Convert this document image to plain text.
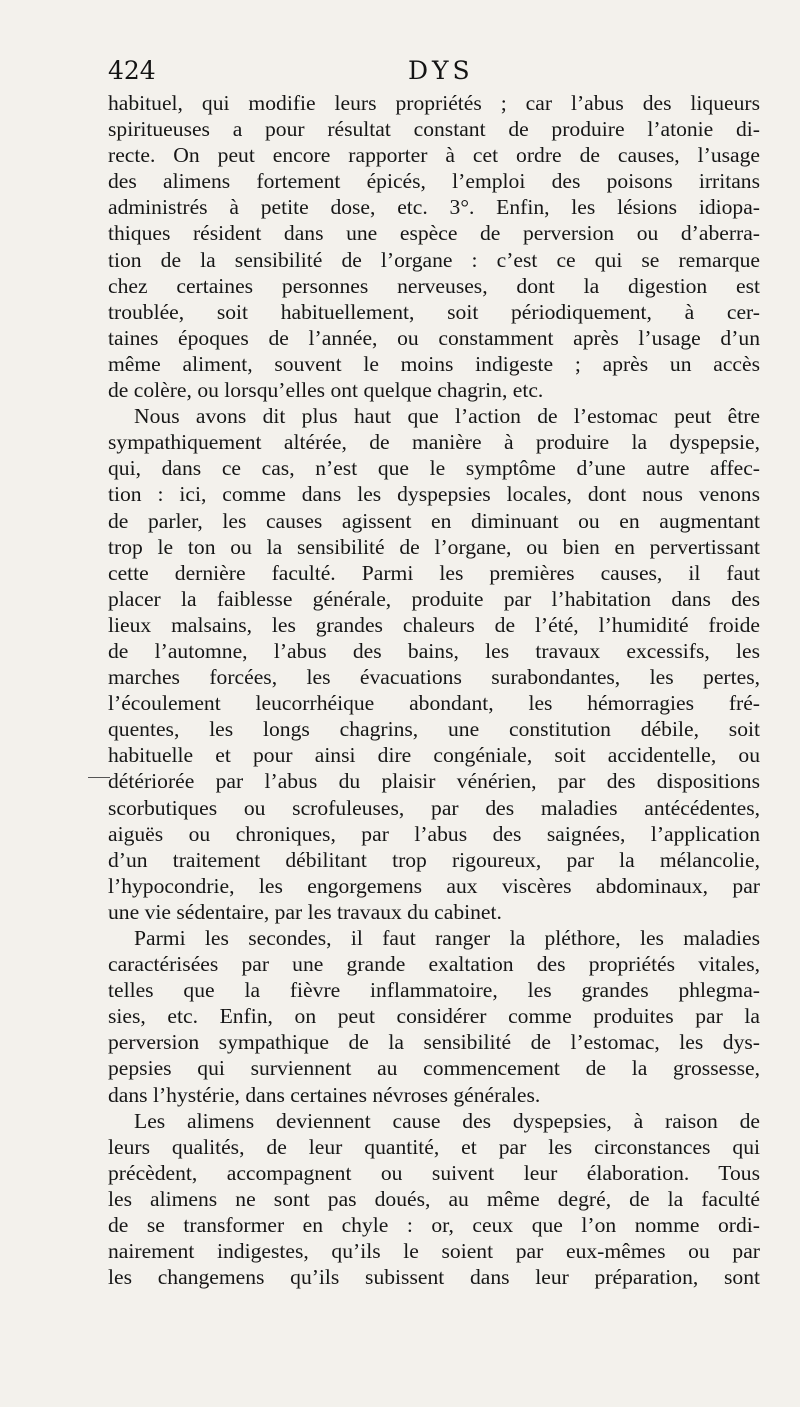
424	DYS
habituel, qui modifie leurs propriétés ; car l’abus des liqueurs
spiritueuses a pour résultat constant de produire l’atonie di-
recte. On peut encore rapporter à cet ordre de causes, l’usage
des alimens fortement épicés, l’emploi des poisons irritans
administrés à petite dose, etc. 3°. Enfin, les lésions idiopa-
thiques résident dans une espèce de perversion ou d’aberra-
tion de la sensibilité de l’organe : c’est ce qui se remarque
chez certaines personnes nerveuses, dont la digestion est
troublée, soit habituellement, soit périodiquement, à cer-
taines époques de l’année, ou constamment après l’usage d’un
même aliment, souvent le moins indigeste ; après un accès
de colère, ou lorsqu’elles ont quelque chagrin, etc.
Nous avons dit plus haut que l’action de l’estomac peut être
sympathiquement altérée, de manière à produire la dyspepsie,
qui, dans ce cas, n’est que le symptôme d’une autre affec-
tion : ici, comme dans les dyspepsies locales, dont nous venons
de parler, les causes agissent en diminuant ou en augmentant
trop le ton ou la sensibilité de l’organe, ou bien en pervertissant
cette dernière faculté. Parmi les premières causes, il faut
placer la faiblesse générale, produite par l’habitation dans des
lieux malsains, les grandes chaleurs de l’été, l’humidité froide
de l’automne, l’abus des bains, les travaux excessifs, les
marches forcées, les évacuations surabondantes, les pertes,
l’écoulement leucorrhéique abondant, les hémorragies fré-
quentes, les longs chagrins, une constitution débile, soit
habituelle et pour ainsi dire congéniale, soit accidentelle, ou
détériorée par l’abus du plaisir vénérien, par des dispositions
scorbutiques ou scrofuleuses, par des maladies antécédentes,
aiguës ou chroniques, par l’abus des saignées, l’application
d’un traitement débilitant trop rigoureux, par la mélancolie,
l’hypocondrie, les engorgemens aux viscères abdominaux, par
une vie sédentaire, par les travaux du cabinet.
Parmi les secondes, il faut ranger la pléthore, les maladies
caractérisées par une grande exaltation des propriétés vitales,
telles que la fièvre inflammatoire, les grandes phlegma-
sies, etc. Enfin, on peut considérer comme produites par la
perversion sympathique de la sensibilité de l’estomac, les dys-
pepsies qui surviennent au commencement de la grossesse,
dans l’hystérie, dans certaines névroses générales.
Les alimens deviennent cause des dyspepsies, à raison de
leurs qualités, de leur quantité, et par les circonstances qui
précèdent, accompagnent ou suivent leur élaboration. Tous
les alimens ne sont pas doués, au même degré, de la faculté
de se transformer en chyle : or, ceux que l’on nomme ordi-
nairement indigestes, qu’ils le soient par eux-mêmes ou par
les changemens qu’ils subissent dans leur préparation, sont
